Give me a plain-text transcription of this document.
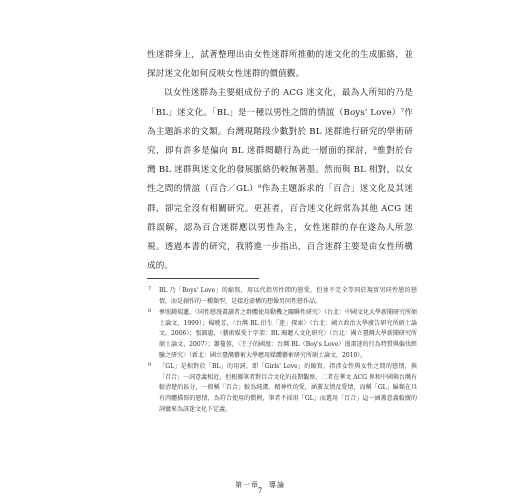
性迷群身上，試著整理出由女性迷群所推動的迷文化的生成脈絡，並探討迷文化如何反映女性迷群的價值觀。

以女性迷群為主要組成份子的 ACG 迷文化，最為人所知的乃是「BL」迷文化。「BL」是一種以男性之間的情誼（Boys' Love）⁷作為主題訴求的文類。台灣現階段少數對於 BL 迷群進行研究的學術研究，即有許多是偏向 BL 迷群閱聽行為此一層面的探討，⁸惟對於台灣 BL 迷群與迷文化的發展脈絡仍較無著墨。然而與 BL 相對，以女性之間的情誼（百合／GL）⁹作為主題訴求的「百合」迷文化及其迷群，卻完全沒有相關研究。更甚者，百合迷文化經常為其他 ACG 迷群誤解，認為百合迷群應以男性為主，女性迷群的存在遂為人所忽視。透過本書的研究，我將進一步指出，百合迷群主要是由女性所構成的。

7 BL 乃「Boys' Love」的縮寫，用以代指男性間的戀愛，但並不完全等同於現實男同性戀的戀情，而是創作的一種類型，是接近虛構的想像男同性戀作品。
8 參照鍾瑞蓮，〈同性戀漫畫讀者之群體使用動機之關聯性研究〉（台北：中國文化大學新聞研究所碩士論文，1999）；楊曉芳，〈台灣 BL 衍生「迷」探索〉（台北：國立政治大學廣告研究所碩士論文，2006）；張圓惠，〈藝術媒愛十字架：BL 閱聽人文化研究〉（台北：國立臺灣大學新聞研究所碩士論文，2007）；蕭蔓蓉，〈王子的國度：台灣 BL（Boy's Love）漫畫迷的行為特質與偏伐經驗之研究〉（新北：國立臺灣藝術大學應用媒體藝術研究所碩士論文，2010）。
9 「GL」是相對於「BL」的用詞，即「Girls' Love」的縮寫，指涉女性與女性之間的戀情，與「百合」一詞意義相近，但根據筆者對百合文化的長期觀察，二者在華文 ACG 界和中國與台灣有較清楚的區分，一般稱「百合」較為純潔、精神性的愛，涵蓋友情及愛情，而稱「GL」歸類在具有肉體描寫的戀情，為符合使用的慣例，筆者不採用「GL」而選用「百合」這一涵蓋意義較廣的詞彙來為該迷文化下定義。
第一章 導論
7
